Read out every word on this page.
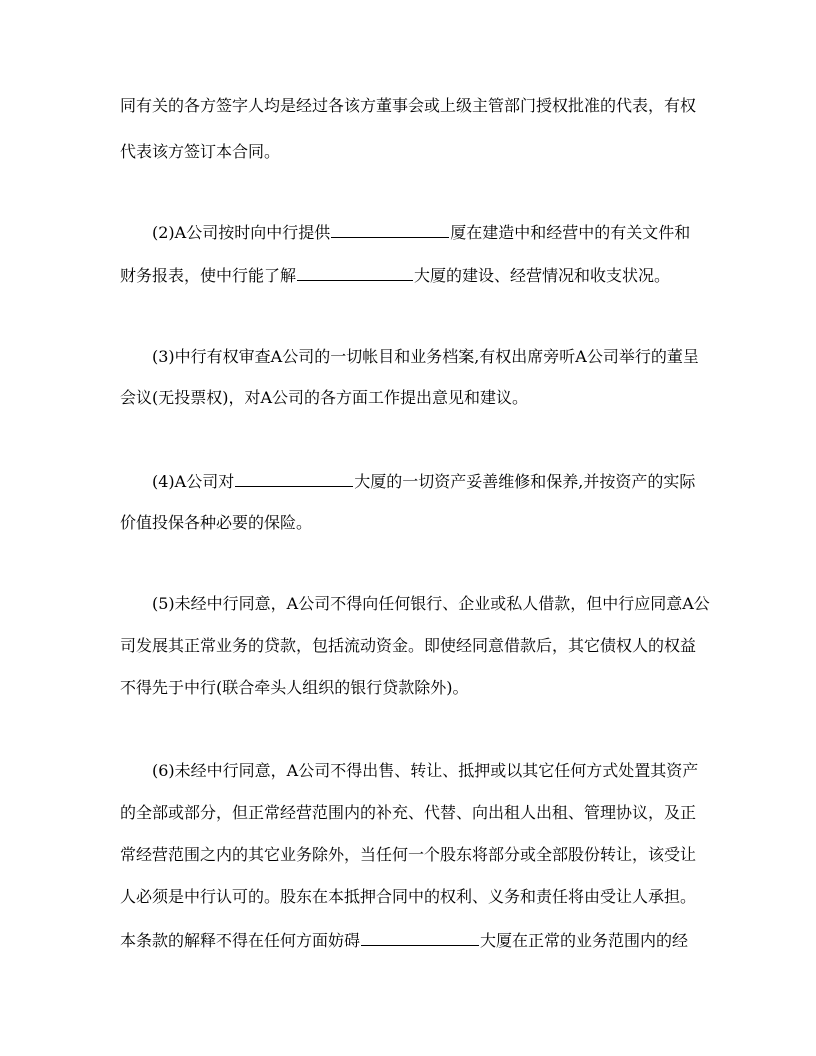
同有关的各方签字人均是经过各该方董事会或上级主管部门授权批准的代表，有权
代表该方签订本合同。
(2)A公司按时向中行提供	厦在建造中和经营中的有关文件和
财务报表，使中行能了解	大厦的建设、经营情况和收支状况。
(3)中行有权审查A公司的一切帐目和业务档案,有权出席旁听A公司举行的董呈
会议(无投票权)，对A公司的各方面工作提出意见和建议。
(4)A公司对	大厦的一切资产妥善维修和保养,并按资产的实际
价值投保各种必要的保险。
(5)未经中行同意，A公司不得向任何银行、企业或私人借款，但中行应同意A公
司发展其正常业务的贷款，包括流动资金。即使经同意借款后，其它债权人的权益
不得先于中行(联合牵头人组织的银行贷款除外)。
(6)未经中行同意，A公司不得出售、转让、抵押或以其它任何方式处置其资产
的全部或部分，但正常经营范围内的补充、代替、向出租人出租、管理协议，及正
常经营范围之内的其它业务除外，当任何一个股东将部分或全部股份转让，该受让
人必须是中行认可的。股东在本抵押合同中的权利、义务和责任将由受让人承担。
本条款的解释不得在任何方面妨碍	大厦在正常的业务范围内的经
